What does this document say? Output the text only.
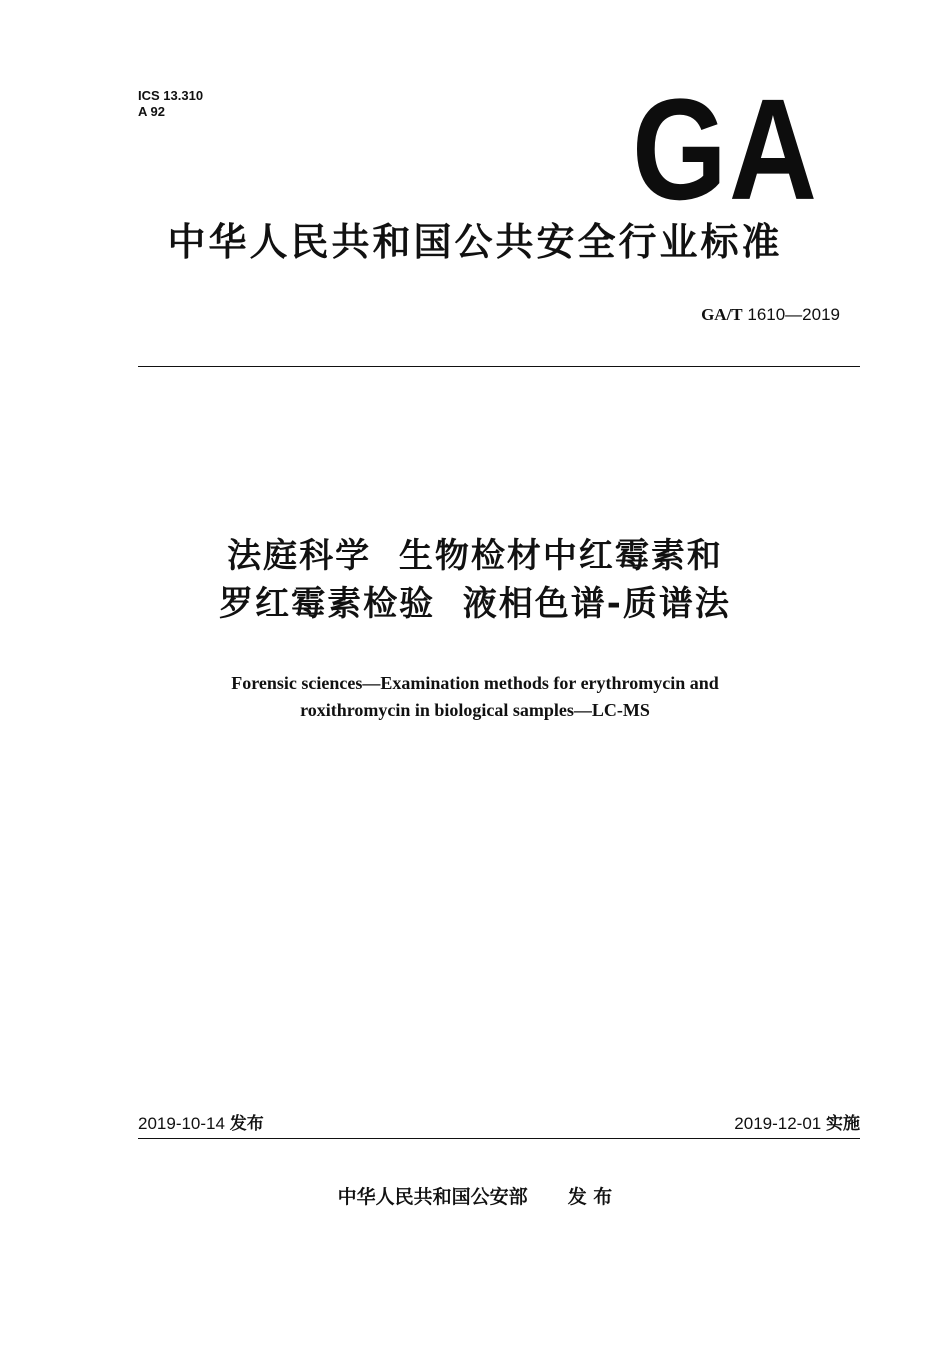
ICS 13.310
A 92	GA
中华人民共和国公共安全行业标准
GA/T 1610—2019
法庭科学  生物检材中红霉素和
罗红霉素检验  液相色谱-质谱法
Forensic sciences—Examination methods for erythromycin and
roxithromycin in biological samples—LC-MS
2019-10-14 发布	2019-12-01 实施
中华人民共和国公安部 发 布
